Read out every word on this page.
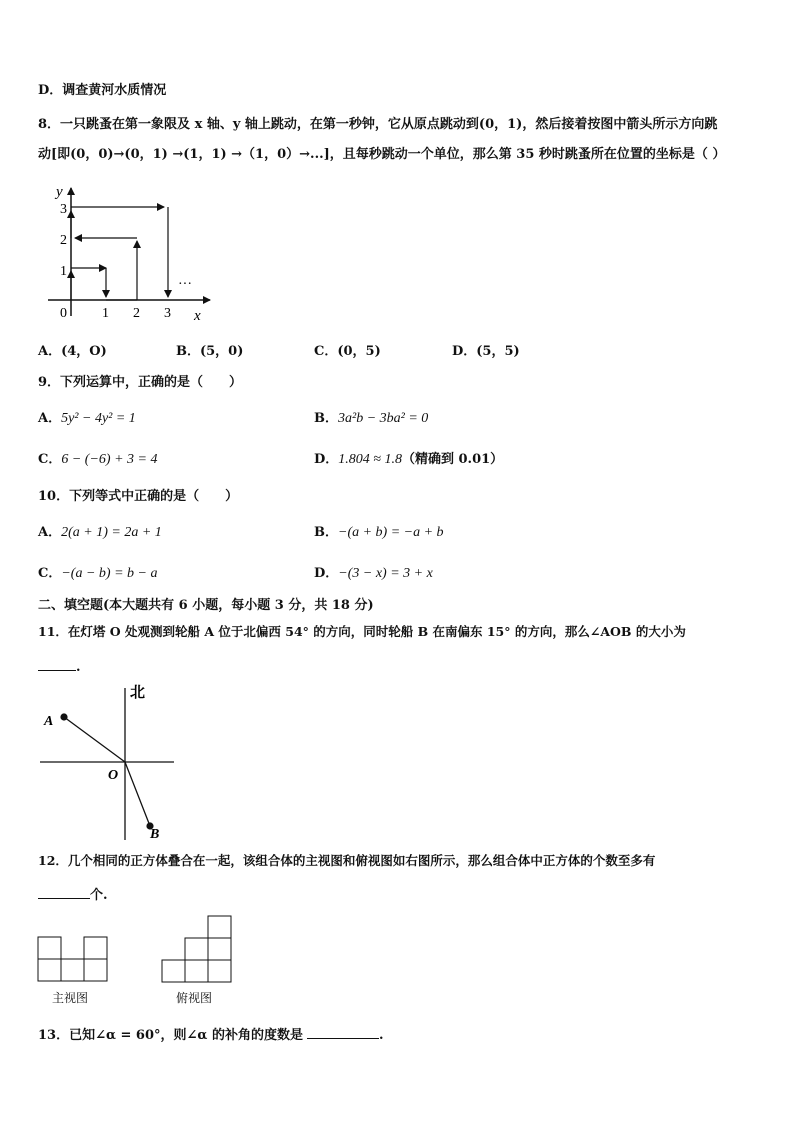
D．调查黄河水质情况
8．一只跳蚤在第一象限及 x 轴、y 轴上跳动，在第一秒钟，它从原点跳动到(0，1)，然后接着按图中箭头所示方向跳
动[即(0，0)→(0，1) →(1，1) →（1，0）→...]，且每秒跳动一个单位，那么第 35 秒时跳蚤所在位置的坐标是（ ）
y
x
0	1 2 3
1
2
3
···
A．(4，O)	B．(5，0)	C．(0，5)	D．(5，5)
9．下列运算中，正确的是（　　）
A．5y² − 4y² = 1	B．3a²b − 3ba² = 0
C．6 − (−6) + 3 = 4	D．1.804 ≈ 1.8（精确到 0.01）
10．下列等式中正确的是（　　）
A．2(a + 1) = 2a + 1	B．−(a + b) = −a + b
C．−(a − b) = b − a	D．−(3 − x) = 3 + x
二、填空题(本大题共有 6 小题，每小题 3 分，共 18 分)
11．在灯塔 O 处观测到轮船 A 位于北偏西 54° 的方向，同时轮船 B 在南偏东 15° 的方向，那么∠AOB 的大小为
.
北
A
O
B
12．几个相同的正方体叠合在一起，该组合体的主视图和俯视图如右图所示，那么组合体中正方体的个数至多有
个.
主视图	俯视图
13．已知∠α = 60°，则∠α 的补角的度数是	.
